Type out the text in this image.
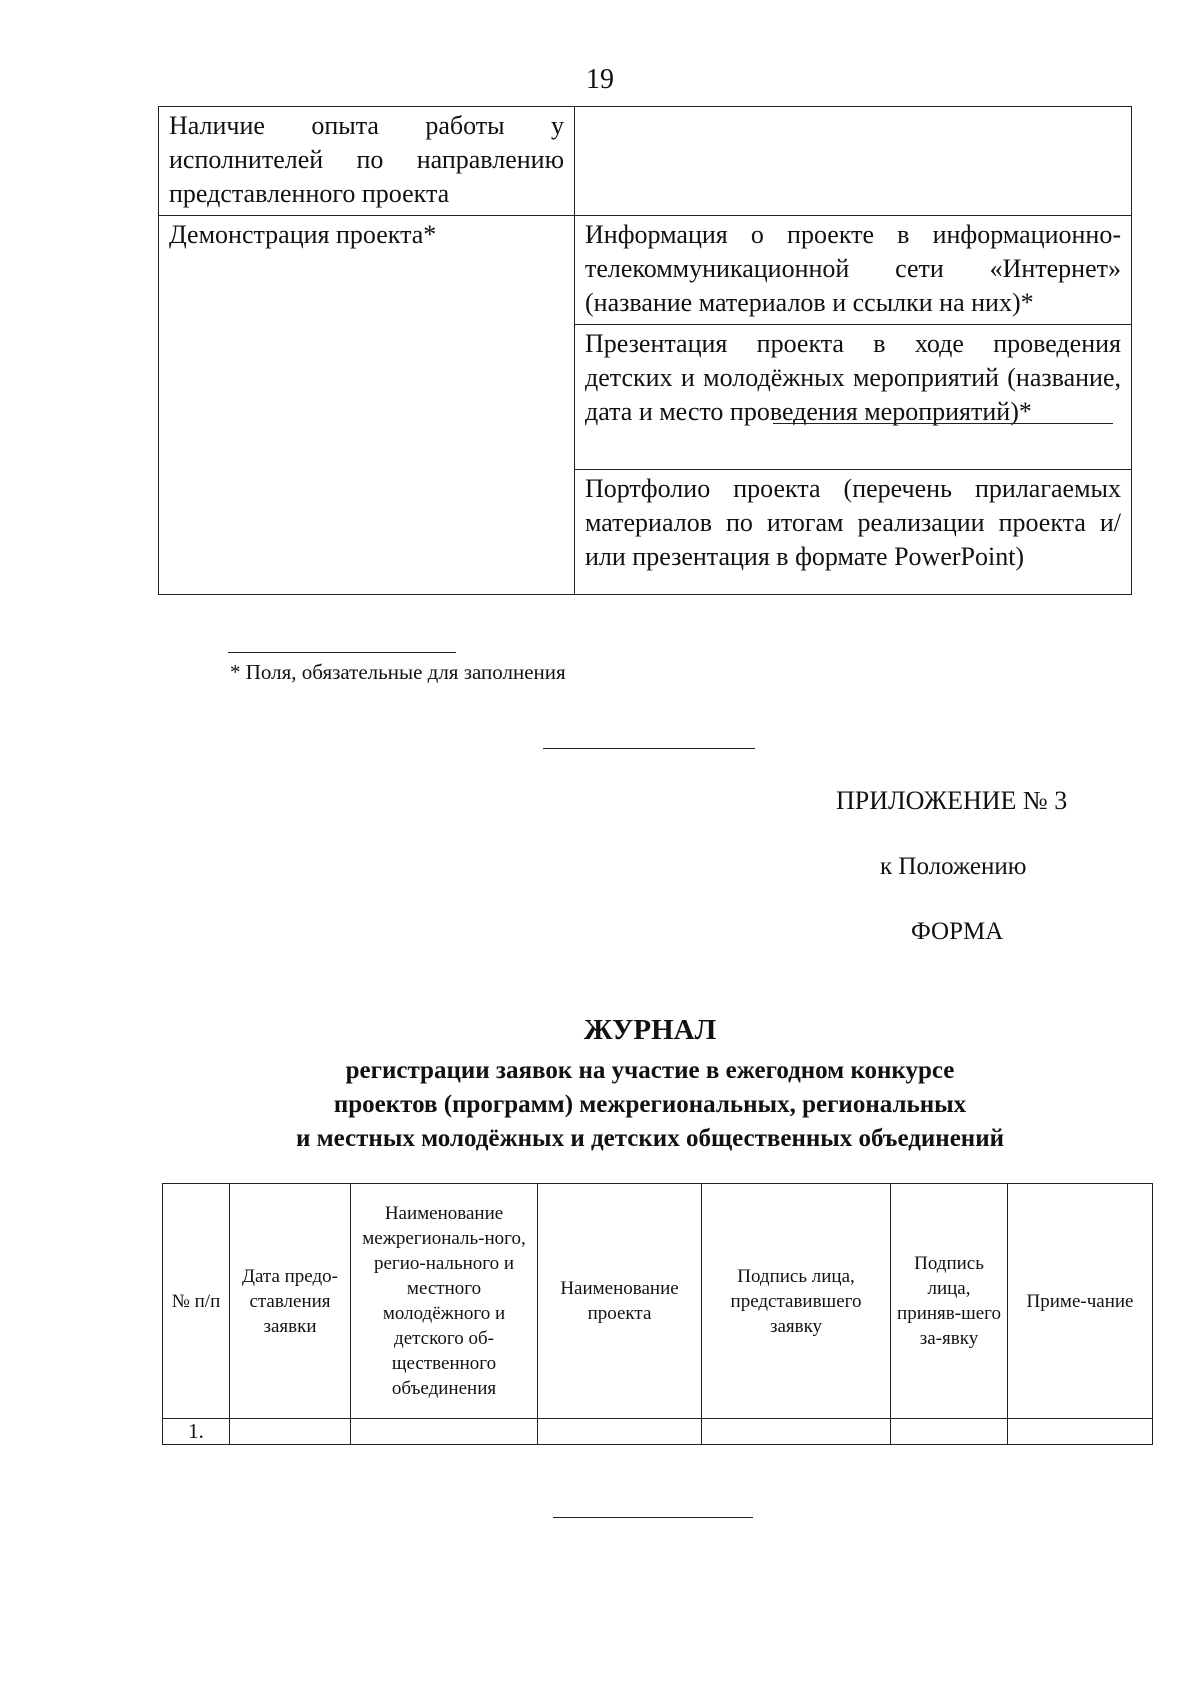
19
Наличие опыта работы у исполнителей по направлению представленного проекта	

Демонстрация проекта*	Информация о проекте в информационно-телекоммуникационной сети «Интернет» (название материалов и ссылки на них)*

	Презентация проекта в ходе проведения детских и молодёжных мероприятий (название, дата и место проведения мероприятий)*

	Портфолио проекта (перечень прилагаемых материалов по итогам реализации проекта и/или презентация в формате PowerPoint)
* Поля, обязательные для заполнения
ПРИЛОЖЕНИЕ № 3
к Положению
ФОРМА
ЖУРНАЛ
регистрации заявок на участие в ежегодном конкурсе
проектов (программ) межрегиональных, региональных
и местных молодёжных и детских общественных объединений
№ п/п	Дата предо-ставления заявки	Наименование межрегиональ-ного, регио-нального и местного молодёжного и детского об-щественного объединения	Наименование проекта	Подпись лица, представившего заявку	Подпись лица, приняв-шего за-явку	Приме-чание
1.						
